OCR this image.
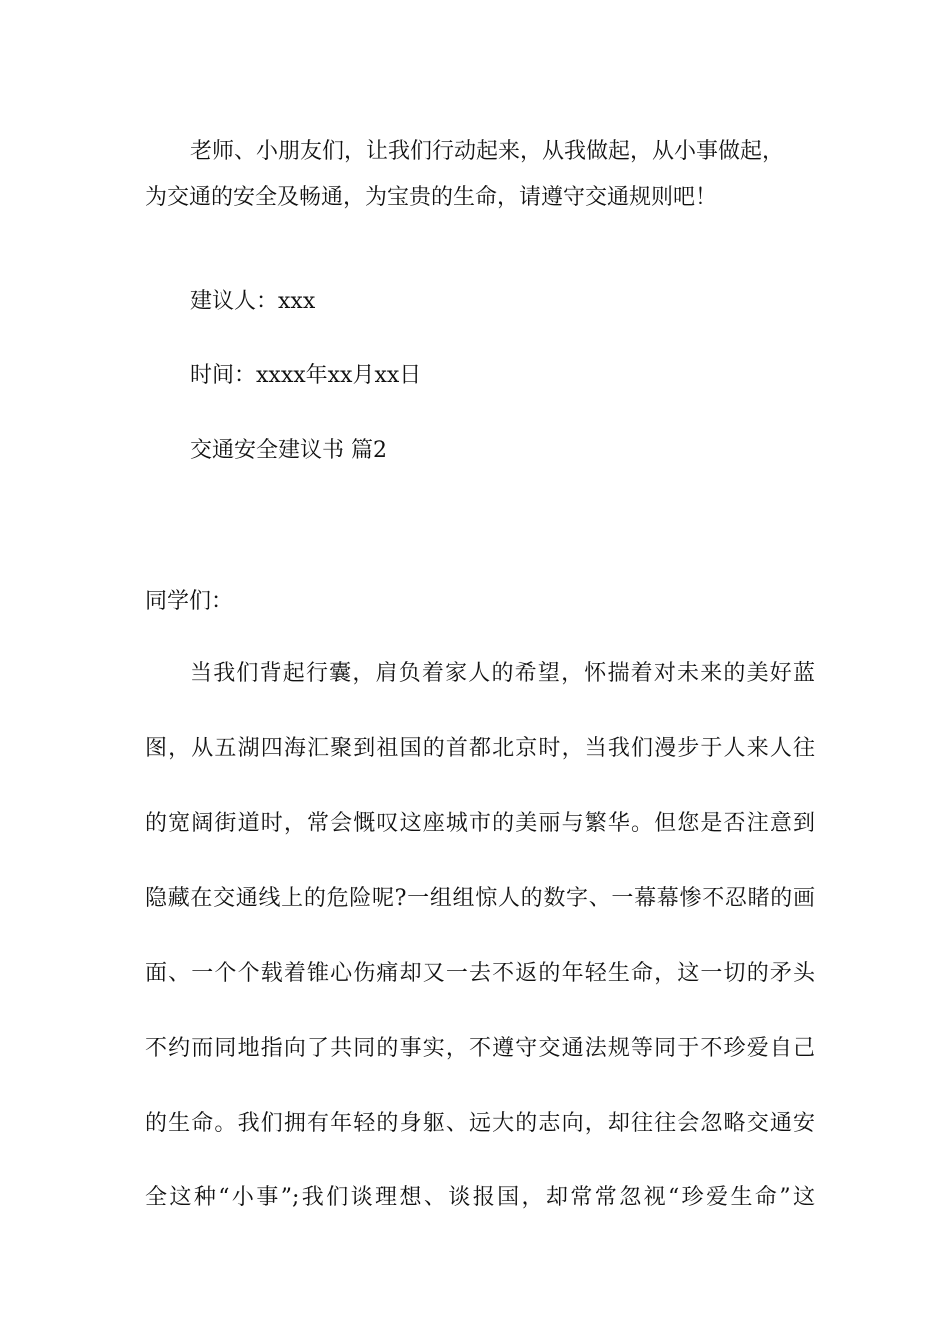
老师、小朋友们，让我们行动起来，从我做起，从小事做起，
为交通的安全及畅通，为宝贵的生命，请遵守交通规则吧！
建议人：xxx
时间：xxxx年xx月xx日
交通安全建议书 篇2
同学们：
当我们背起行囊，肩负着家人的希望，怀揣着对未来的美好蓝
图，从五湖四海汇聚到祖国的首都北京时，当我们漫步于人来人往
的宽阔街道时，常会慨叹这座城市的美丽与繁华。但您是否注意到
隐藏在交通线上的危险呢?一组组惊人的数字、一幕幕惨不忍睹的画
面、一个个载着锥心伤痛却又一去不返的年轻生命，这一切的矛头
不约而同地指向了共同的事实，不遵守交通法规等同于不珍爱自己
的生命。我们拥有年轻的身躯、远大的志向，却往往会忽略交通安
全这种“小事”;我们谈理想、谈报国，却常常忽视“珍爱生命”这
